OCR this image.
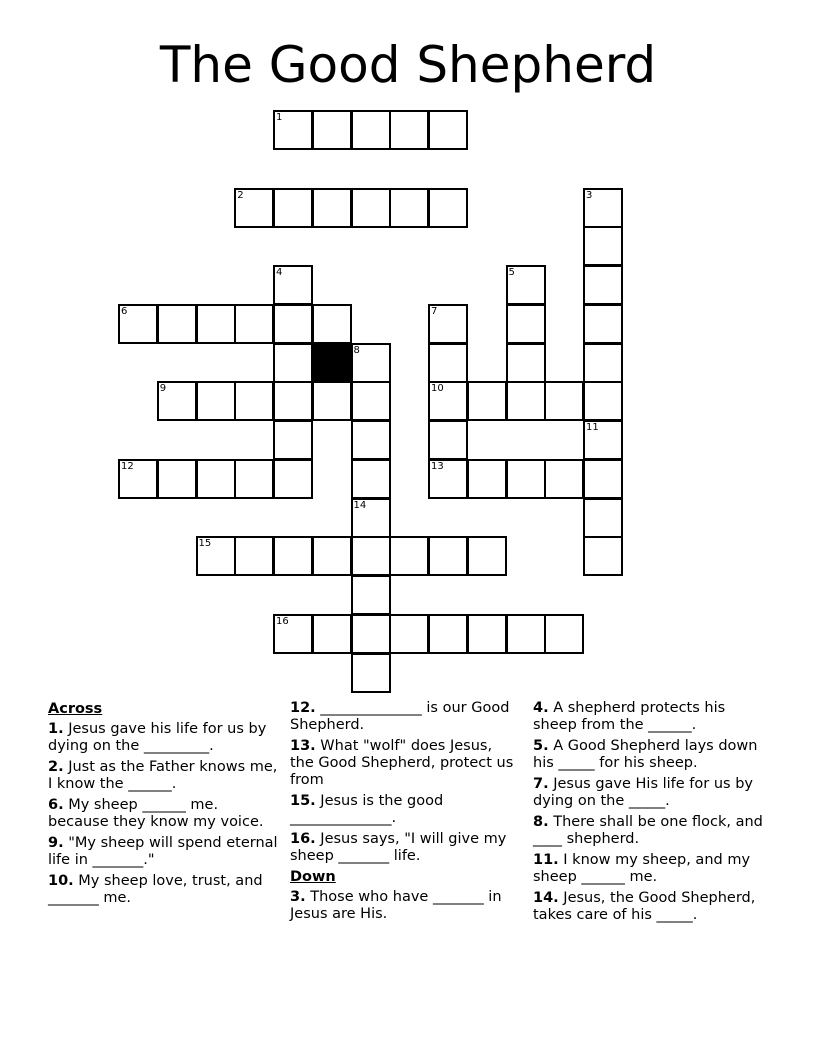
The Good Shepherd
1
2	3
4	5
6	7
10
13
8
9
11
12
14
15
16
Across
1. Jesus gave his life for us by dying on the _________.
2. Just as the Father knows me, I know the ______.
6. My sheep ______ me. because they know my voice.
9. "My sheep will spend eternal life in _______."
10. My sheep love, trust, and _______ me.
12. ______________ is our Good Shepherd.
13. What "wolf" does Jesus, the Good Shepherd, protect us from
15. Jesus is the good ______________.
16. Jesus says, "I will give my sheep _______ life.
Down
3. Those who have _______ in Jesus are His.
4. A shepherd protects his sheep from the ______.
5. A Good Shepherd lays down his _____ for his sheep.
7. Jesus gave His life for us by dying on the _____.
8. There shall be one flock, and ____ shepherd.
11. I know my sheep, and my sheep ______ me.
14. Jesus, the Good Shepherd, takes care of his _____.
